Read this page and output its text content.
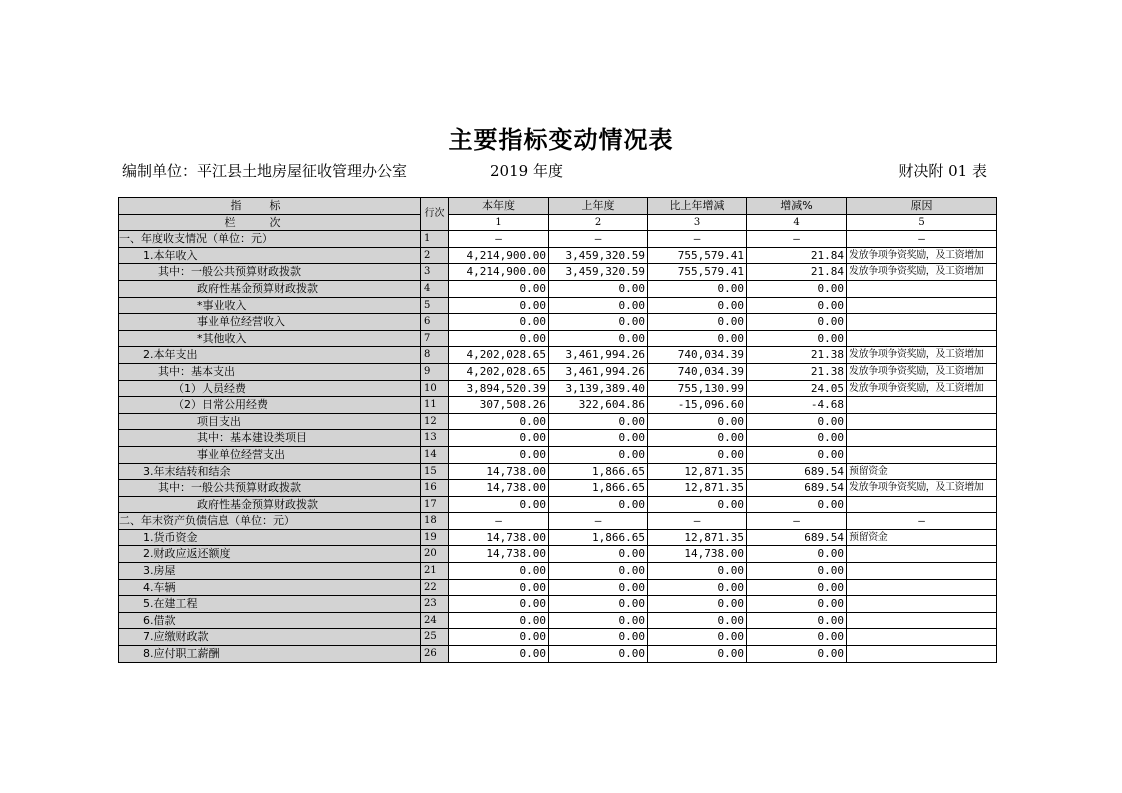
主要指标变动情况表
编制单位：平江县土地房屋征收管理办公室	2019 年度	财决附 01 表
指标	行次	本年度	上年度	比上年增减	增减%	原因
栏次		1	2	3	4	5
一、年度收支情况（单位：元）	1	—	—	—	—	—
1.本年收入	2	4,214,900.00	3,459,320.59	755,579.41	21.84	发放争项争资奖励，及工资增加
其中：一般公共预算财政拨款	3	4,214,900.00	3,459,320.59	755,579.41	21.84	发放争项争资奖励，及工资增加
政府性基金预算财政拨款	4	0.00	0.00	0.00	0.00	
*事业收入	5	0.00	0.00	0.00	0.00	
事业单位经营收入	6	0.00	0.00	0.00	0.00	
*其他收入	7	0.00	0.00	0.00	0.00	
2.本年支出	8	4,202,028.65	3,461,994.26	740,034.39	21.38	发放争项争资奖励，及工资增加
其中：基本支出	9	4,202,028.65	3,461,994.26	740,034.39	21.38	发放争项争资奖励，及工资增加
（1）人员经费	10	3,894,520.39	3,139,389.40	755,130.99	24.05	发放争项争资奖励，及工资增加
（2）日常公用经费	11	307,508.26	322,604.86	-15,096.60	-4.68	
项目支出	12	0.00	0.00	0.00	0.00	
其中：基本建设类项目	13	0.00	0.00	0.00	0.00	
事业单位经营支出	14	0.00	0.00	0.00	0.00	
3.年末结转和结余	15	14,738.00	1,866.65	12,871.35	689.54	预留资金
其中：一般公共预算财政拨款	16	14,738.00	1,866.65	12,871.35	689.54	发放争项争资奖励，及工资增加
政府性基金预算财政拨款	17	0.00	0.00	0.00	0.00	
二、年末资产负债信息（单位：元）	18	—	—	—	—	—
1.货币资金	19	14,738.00	1,866.65	12,871.35	689.54	预留资金
2.财政应返还额度	20	14,738.00	0.00	14,738.00	0.00	
3.房屋	21	0.00	0.00	0.00	0.00	
4.车辆	22	0.00	0.00	0.00	0.00	
5.在建工程	23	0.00	0.00	0.00	0.00	
6.借款	24	0.00	0.00	0.00	0.00	
7.应缴财政款	25	0.00	0.00	0.00	0.00	
8.应付职工薪酬	26	0.00	0.00	0.00	0.00	
